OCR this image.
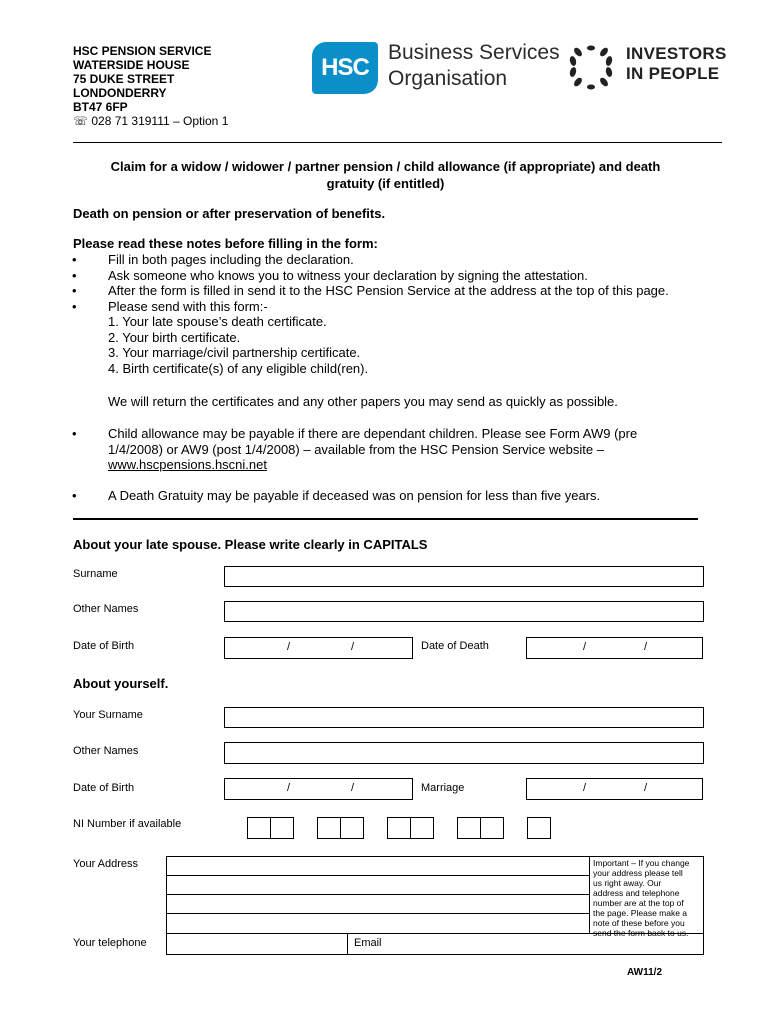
HSC PENSION SERVICE
WATERSIDE HOUSE
75 DUKE STREET
LONDONDERRY
BT47 6FP
☏ 028 71 319111 – Option 1
HSC
Business Services
Organisation
INVESTORS
IN PEOPLE
Claim for a widow / widower / partner pension / child allowance (if appropriate) and death
gratuity (if entitled)
Death on pension or after preservation of benefits.
Please read these notes before filling in the form:
• Fill in both pages including the declaration.
• Ask someone who knows you to witness your declaration by signing the attestation.
• After the form is filled in send it to the HSC Pension Service at the address at the top of this page.
• Please send with this form:-
1. Your late spouse’s death certificate.
2. Your birth certificate.
3. Your marriage/civil partnership certificate.
4. Birth certificate(s) of any eligible child(ren).
We will return the certificates and any other papers you may send as quickly as possible.
• Child allowance may be payable if there are dependant children. Please see Form AW9 (pre
1/4/2008) or AW9 (post 1/4/2008) – available from the HSC Pension Service website –
www.hscpensions.hscni.net
• A Death Gratuity may be payable if deceased was on pension for less than five years.
About your late spouse. Please write clearly in CAPITALS
Surname
Other Names
Date of Birth	/	/	Date of Death	/	/
About yourself.
Your Surname
Other Names
Date of Birth	/	/	Marriage	/	/
NI Number if available
Your Address
Your telephone	Email
Important – If you change
your address please tell
us right away. Our
address and telephone
number are at the top of
the page. Please make a
note of these before you
send the form back to us.
AW11/2
